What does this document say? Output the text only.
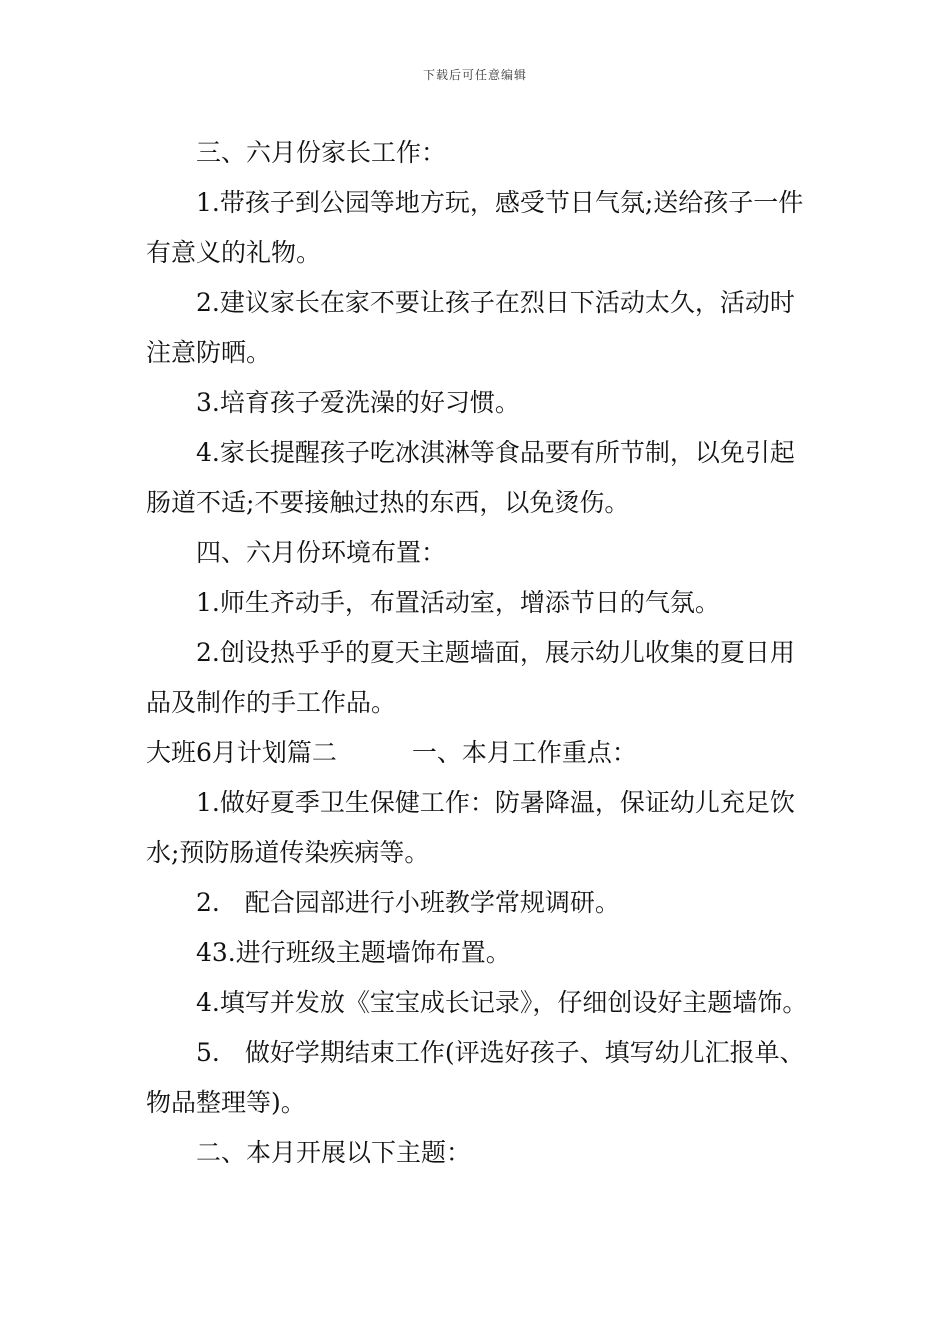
下载后可任意编辑

三、六月份家长工作：

1.带孩子到公园等地方玩，感受节日气氛;送给孩子一件有意义的礼物。

2.建议家长在家不要让孩子在烈日下活动太久，活动时注意防晒。

3.培育孩子爱洗澡的好习惯。

4.家长提醒孩子吃冰淇淋等食品要有所节制，以免引起肠道不适;不要接触过热的东西，以免烫伤。

四、六月份环境布置：

1.师生齐动手，布置活动室，增添节日的气氛。

2.创设热乎乎的夏天主题墙面，展示幼儿收集的夏日用品及制作的手工作品。

大班6月计划篇二　　　一、本月工作重点：

1.做好夏季卫生保健工作：防暑降温，保证幼儿充足饮水;预防肠道传染疾病等。

2.　配合园部进行小班教学常规调研。

43.进行班级主题墙饰布置。

4.填写并发放《宝宝成长记录》，仔细创设好主题墙饰。

5.　做好学期结束工作(评选好孩子、填写幼儿汇报单、物品整理等)。

二、本月开展以下主题：
